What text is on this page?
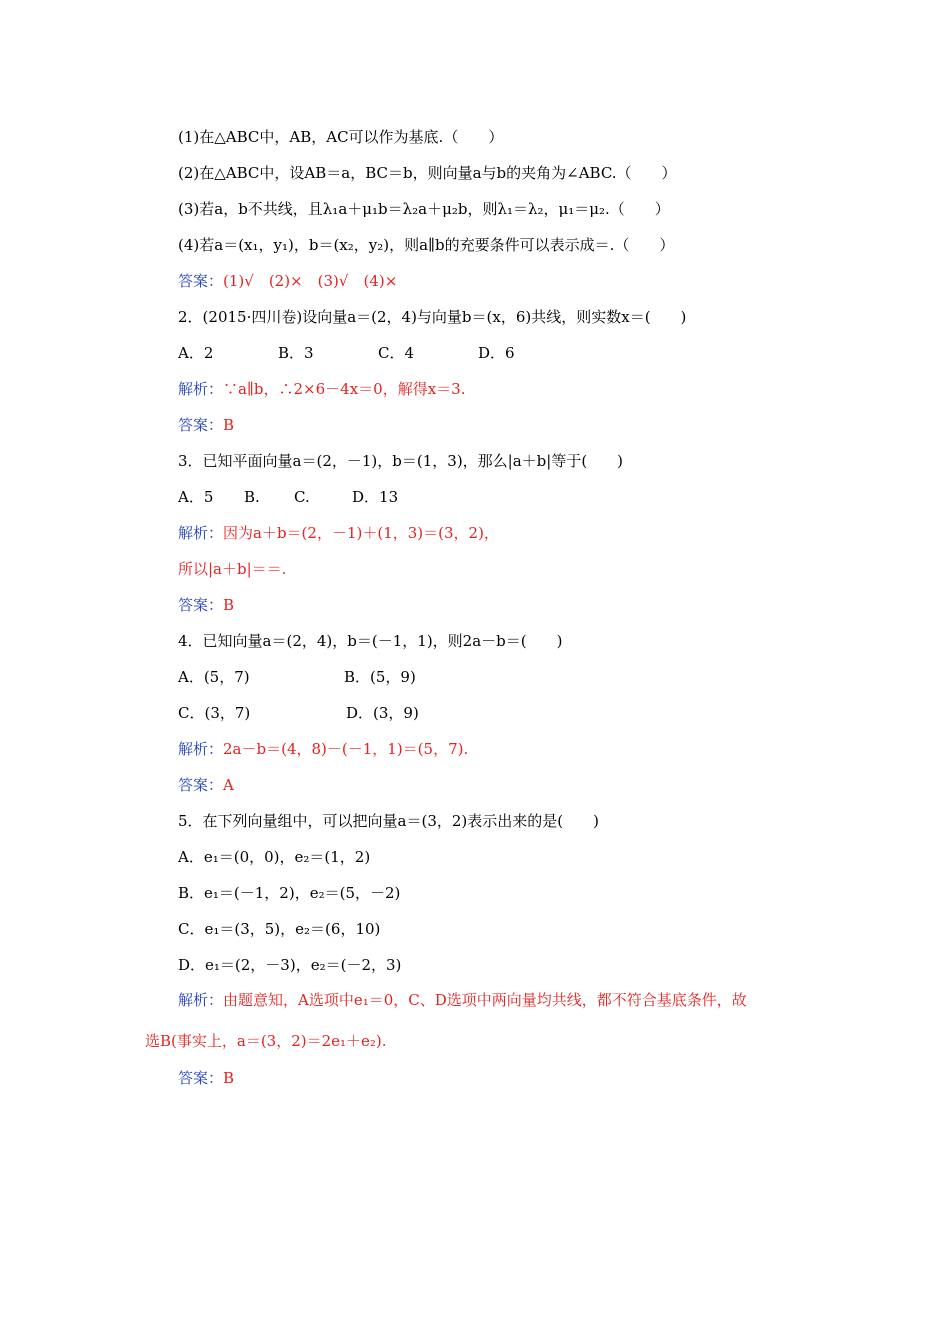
(1)在△ABC中，AB，AC可以作为基底.（　　）
(2)在△ABC中，设AB＝a，BC＝b，则向量a与b的夹角为∠ABC.（　　）
(3)若a，b不共线，且λ₁a＋μ₁b＝λ₂a＋μ₂b，则λ₁＝λ₂，μ₁＝μ₂.（　　）
(4)若a＝(x₁，y₁)，b＝(x₂，y₂)，则a∥b的充要条件可以表示成＝.（　　）
答案：(1)√　(2)×　(3)√　(4)×
2．(2015·四川卷)设向量a＝(2，4)与向量b＝(x，6)共线，则实数x＝(　　)
A．2	B．3	C．4	D．6
解析：∵a∥b，∴2×6－4x＝0，解得x＝3.
答案：B
3．已知平面向量a＝(2，－1)，b＝(1，3)，那么|a＋b|等于(　　)
A．5 B. C.	D．13
解析：因为a＋b＝(2，－1)＋(1，3)＝(3，2)，
所以|a＋b|＝＝.
答案：B
4．已知向量a＝(2，4)，b＝(－1，1)，则2a－b＝(　　)
A．(5，7)	B．(5，9)
C．(3，7)	D．(3，9)
解析：2a－b＝(4，8)－(－1，1)＝(5，7).
答案：A
5．在下列向量组中，可以把向量a＝(3，2)表示出来的是(　　)
A．e₁＝(0，0)，e₂＝(1，2)
B．e₁＝(－1，2)，e₂＝(5，－2)
C．e₁＝(3，5)，e₂＝(6，10)
D．e₁＝(2，－3)，e₂＝(－2，3)
解析：由题意知，A选项中e₁＝0，C、D选项中两向量均共线，都不符合基底条件，故
选B(事实上，a＝(3，2)＝2e₁＋e₂).
答案：B
